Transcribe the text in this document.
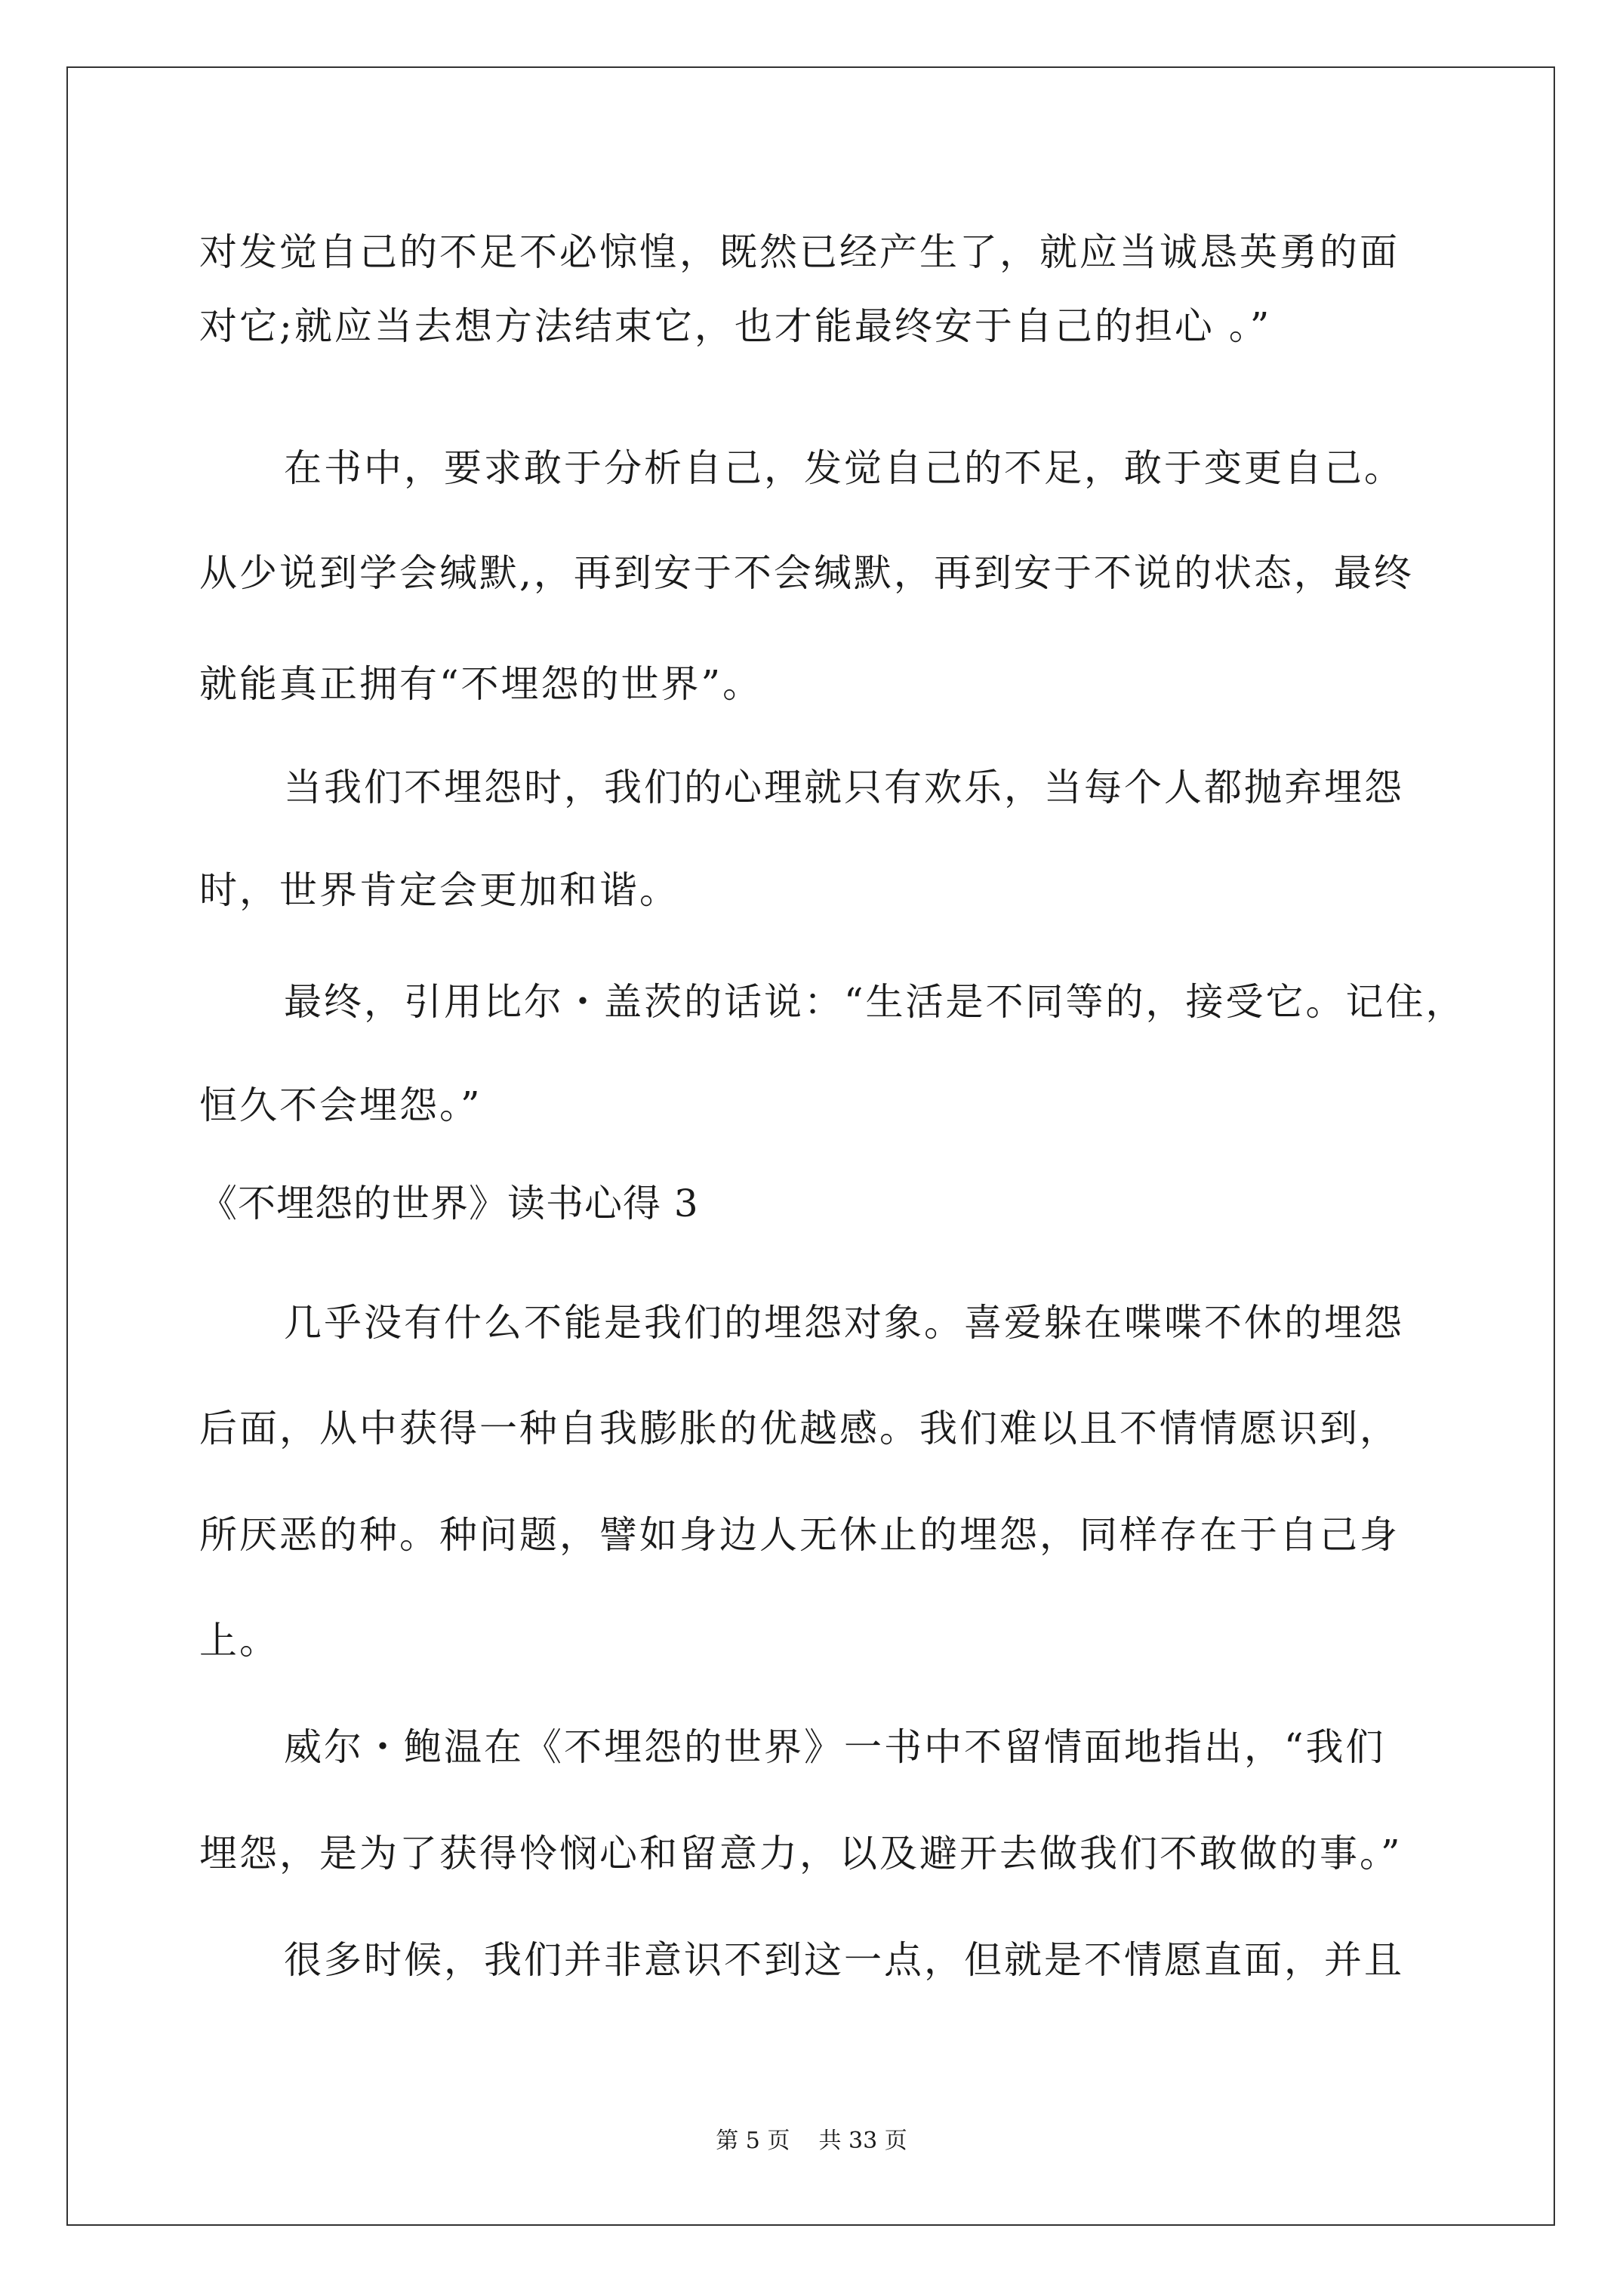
对发觉自己的不足不必惊惶，既然已经产生了，就应当诚恳英勇的面
对它;就应当去想方法结束它，也才能最终安于自己的担心 。”
在书中，要求敢于分析自己，发觉自己的不足，敢于变更自己。
从少说到学会缄默,，再到安于不会缄默，再到安于不说的状态，最终
就能真正拥有“不埋怨的世界”。
当我们不埋怨时，我们的心理就只有欢乐，当每个人都抛弃埋怨
时，世界肯定会更加和谐。
最终，引用比尔・盖茨的话说：“生活是不同等的，接受它。记住，
恒久不会埋怨。”
《不埋怨的世界》读书心得 3
几乎没有什么不能是我们的埋怨对象。喜爱躲在喋喋不休的埋怨
后面，从中获得一种自我膨胀的优越感。我们难以且不情情愿识到，
所厌恶的种。种问题，譬如身边人无休止的埋怨，同样存在于自己身
上。
威尔・鲍温在《不埋怨的世界》一书中不留情面地指出，“我们
埋怨，是为了获得怜悯心和留意力，以及避开去做我们不敢做的事。”
很多时候，我们并非意识不到这一点，但就是不情愿直面，并且
第 5 页    共 33 页
